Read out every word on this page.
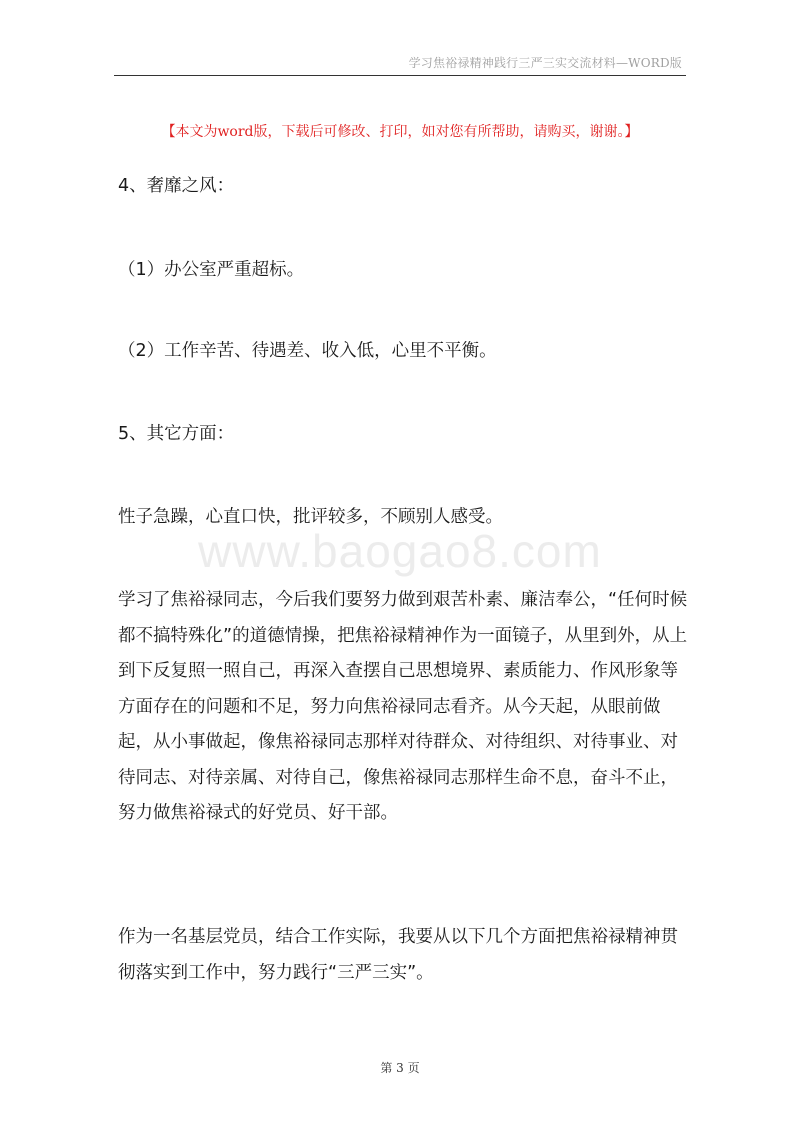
学习焦裕禄精神践行三严三实交流材料—WORD版
【本文为word版，下载后可修改、打印，如对您有所帮助，请购买，谢谢。】
www.baogao8.com

4、奢靡之风：

（1）办公室严重超标。

（2）工作辛苦、待遇差、收入低，心里不平衡。

5、其它方面：

性子急躁，心直口快，批评较多，不顾别人感受。

学习了焦裕禄同志，今后我们要努力做到艰苦朴素、廉洁奉公，“任何时候都不搞特殊化”的道德情操，把焦裕禄精神作为一面镜子，从里到外，从上到下反复照一照自己，再深入查摆自己思想境界、素质能力、作风形象等方面存在的问题和不足，努力向焦裕禄同志看齐。从今天起，从眼前做起，从小事做起，像焦裕禄同志那样对待群众、对待组织、对待事业、对待同志、对待亲属、对待自己，像焦裕禄同志那样生命不息，奋斗不止，努力做焦裕禄式的好党员、好干部。

作为一名基层党员，结合工作实际，我要从以下几个方面把焦裕禄精神贯彻落实到工作中，努力践行“三严三实”。

第 3 页
